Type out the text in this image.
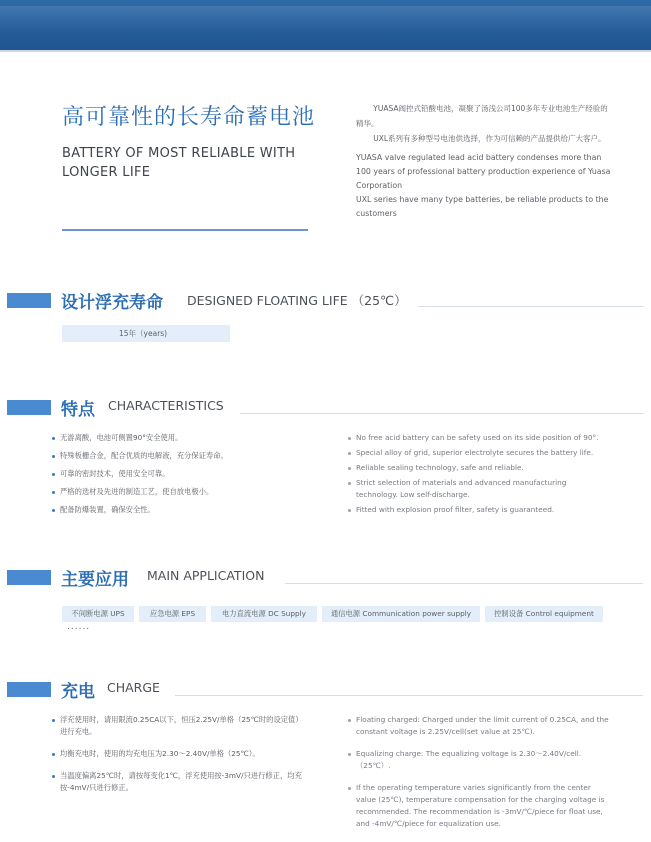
高可靠性的长寿命蓄电池
BATTERY OF MOST RELIABLE WITH LONGER LIFE

YUASA阀控式铅酸电池，凝聚了汤浅公司100多年专业电池生产经验的精华。

UXL系列有多种型号电池供选择，作为可信赖的产品提供给广大客户。

YUASA valve regulated lead acid battery condenses more than 100 years of professional battery production experience of Yuasa Corporation

UXL series have many type batteries, be reliable products to the customers

设计浮充寿命 DESIGNED FLOATING LIFE （25℃）
15年（years)
特点 CHARACTERISTICS
无游离酸，电池可侧置90°安全使用。
特殊板栅合金，配合优质的电解液，充分保证寿命。
可靠的密封技术，使用安全可靠。
严格的选材及先进的制造工艺，使自放电极小。
配备防爆装置，确保安全性。
No free acid battery can be safety used on its side position of 90°.
Special alloy of grid, superior electrolyte secures the battery life.
Reliable sealing technology, safe and reliable.
Strict selection of materials and advanced manufacturing technology. Low self-discharge.
Fitted with explosion proof filter, safety is guaranteed.
主要应用 MAIN APPLICATION
不间断电源 UPS	应急电源 EPS	电力直流电源 DC Supply	通信电源 Communication power supply	控制设备 Control equipment
......
充电 CHARGE
浮充使用时，请用限流0.25CA以下，恒压2.25V/单格（25℃时的设定值）进行充电。
均衡充电时，使用的均充电压为2.30～2.40V/单格（25℃）。
当温度偏离25℃时，请按每变化1℃，浮充使用按-3mV/只进行修正，均充按-4mV/只进行修正。
Floating charged: Charged under the limit current of 0.25CA, and the constant voltage is 2.25V/cell(set value at 25℃).
Equalizing charge: The equalizing voltage is 2.30～2.40V/cell.（25℃）.
If the operating temperature varies significantly from the center value (25℃), temperature compensation for the charging voltage is recommended. The recommendation is -3mV/℃/piece for float use, and -4mV/℃/piece for equalization use.
